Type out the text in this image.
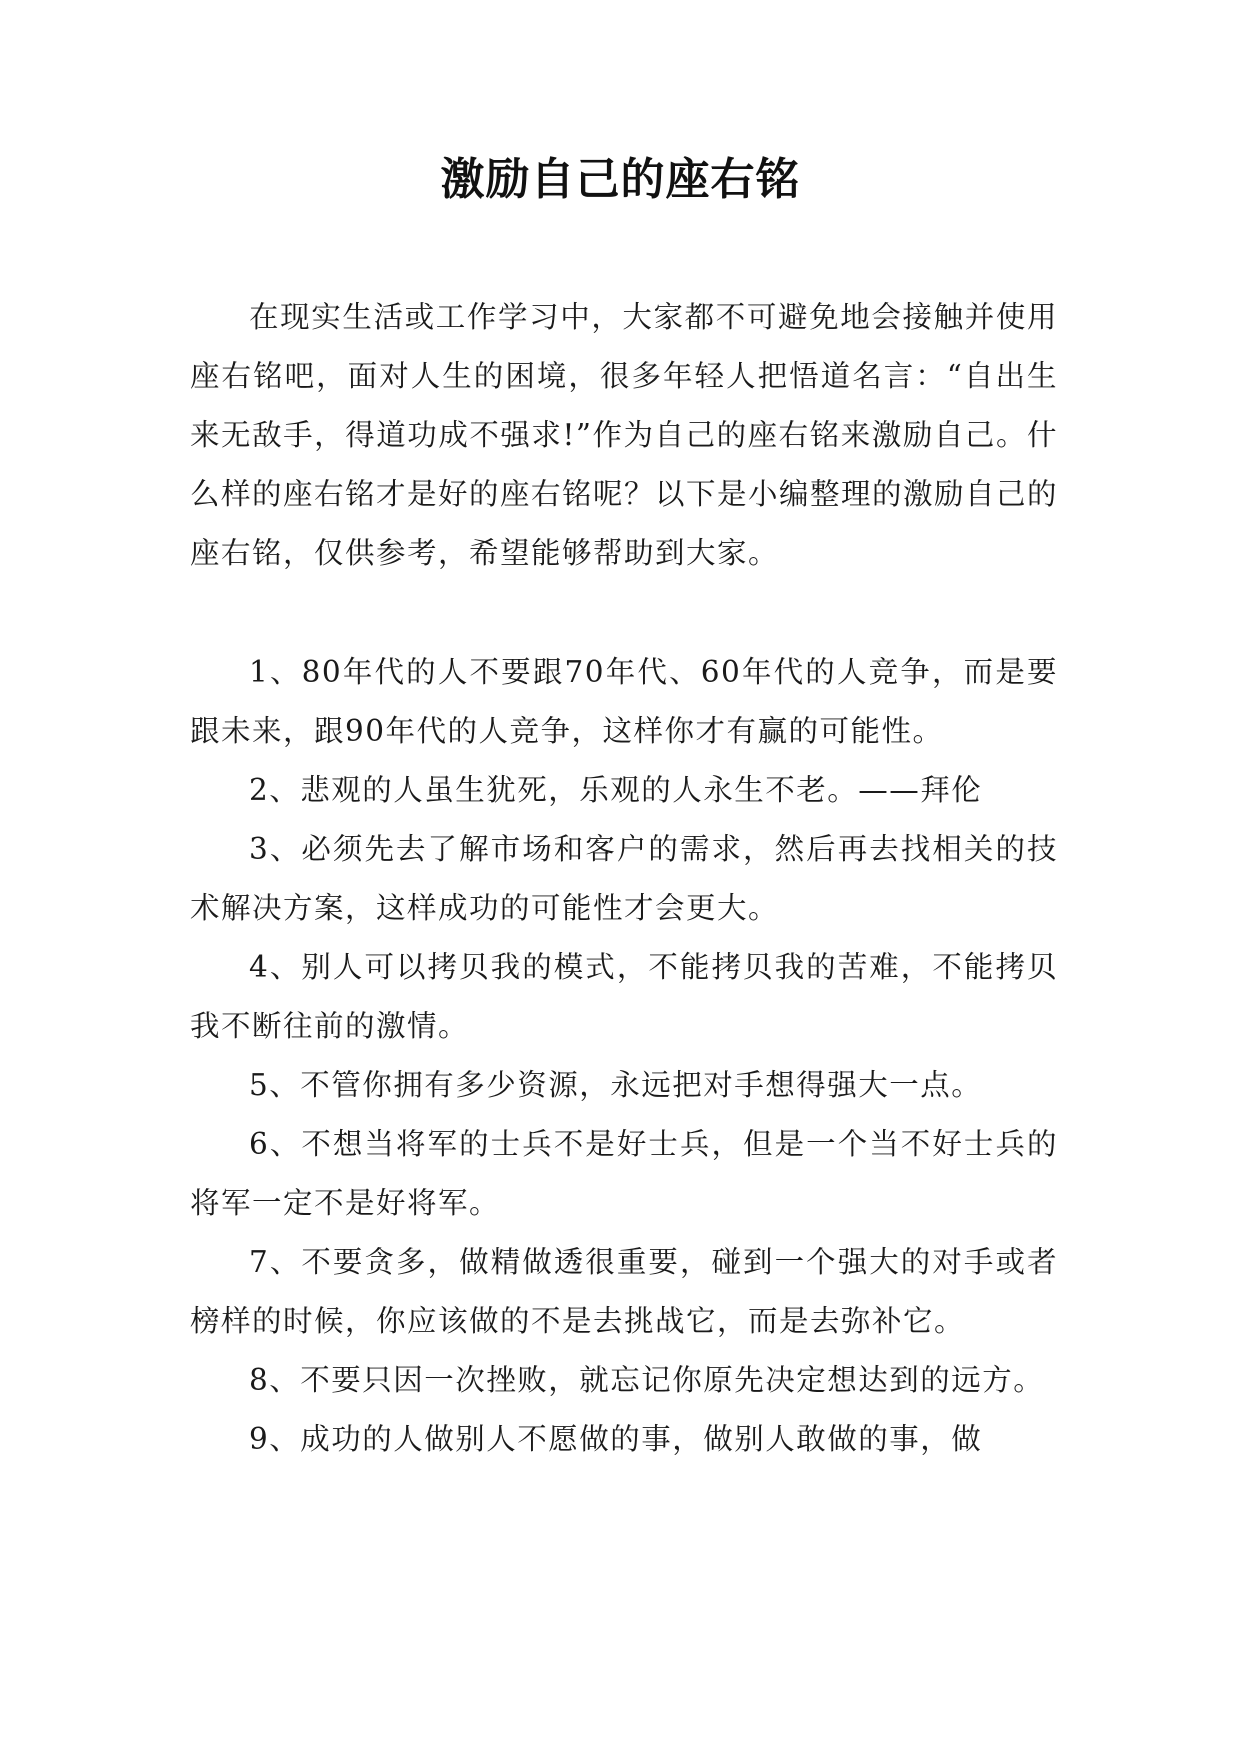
激励自己的座右铭

在现实生活或工作学习中，大家都不可避免地会接触并使用座右铭吧，面对人生的困境，很多年轻人把悟道名言：“自出生来无敌手，得道功成不强求!”作为自己的座右铭来激励自己。什么样的座右铭才是好的座右铭呢？以下是小编整理的激励自己的座右铭，仅供参考，希望能够帮助到大家。

1、80年代的人不要跟70年代、60年代的人竞争，而是要跟未来，跟90年代的人竞争，这样你才有赢的可能性。
2、悲观的人虽生犹死，乐观的人永生不老。——拜伦
3、必须先去了解市场和客户的需求，然后再去找相关的技术解决方案，这样成功的可能性才会更大。
4、别人可以拷贝我的模式，不能拷贝我的苦难，不能拷贝我不断往前的激情。
5、不管你拥有多少资源，永远把对手想得强大一点。
6、不想当将军的士兵不是好士兵，但是一个当不好士兵的将军一定不是好将军。
7、不要贪多，做精做透很重要，碰到一个强大的对手或者榜样的时候，你应该做的不是去挑战它，而是去弥补它。
8、不要只因一次挫败，就忘记你原先决定想达到的远方。
9、成功的人做别人不愿做的事，做别人敢做的事，做
